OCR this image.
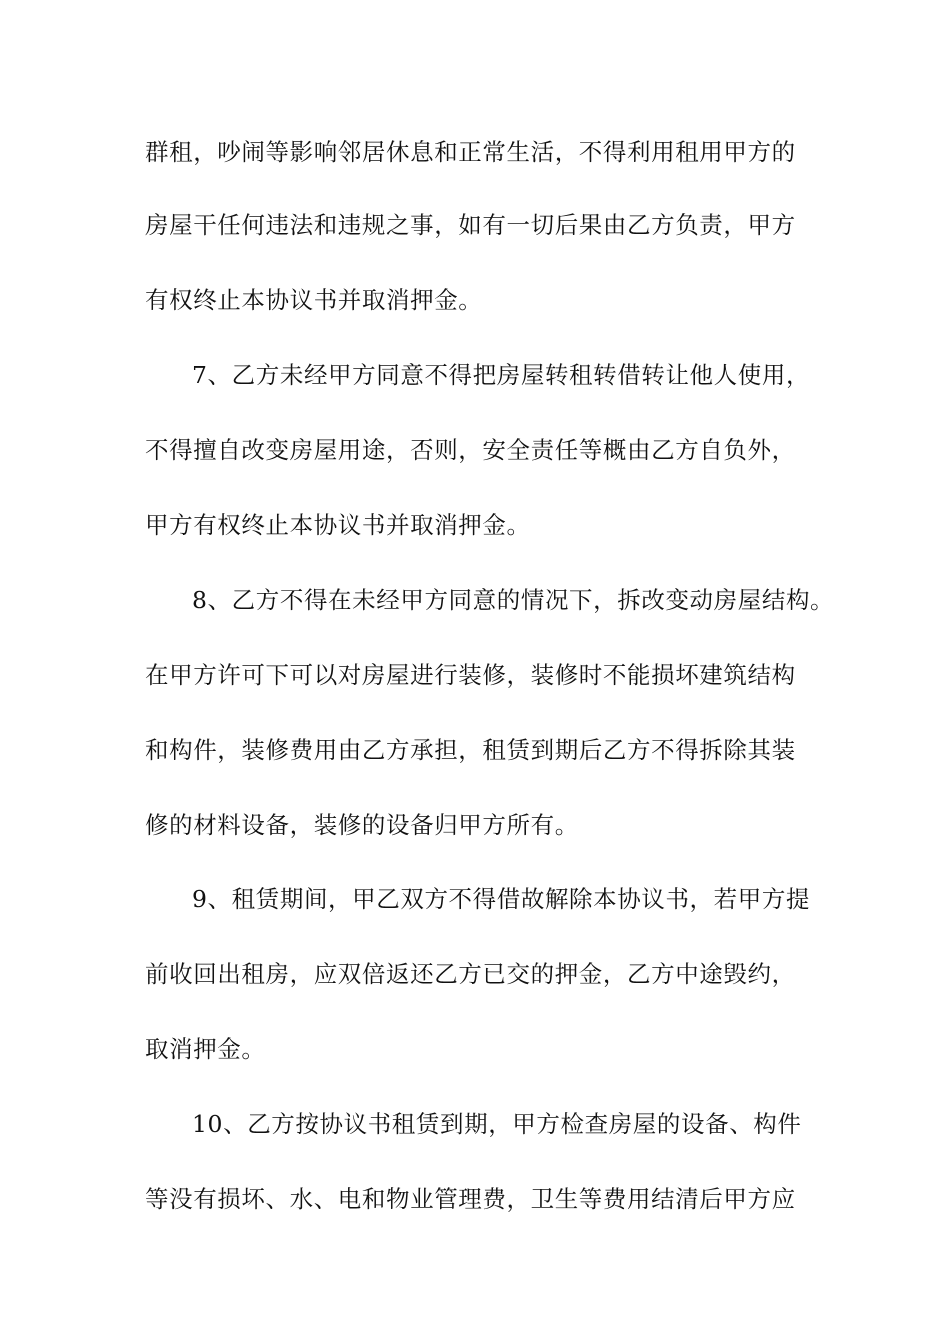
群租，吵闹等影响邻居休息和正常生活，不得利用租用甲方的
房屋干任何违法和违规之事，如有一切后果由乙方负责，甲方
有权终止本协议书并取消押金。
7、乙方未经甲方同意不得把房屋转租转借转让他人使用，
不得擅自改变房屋用途，否则，安全责任等概由乙方自负外，
甲方有权终止本协议书并取消押金。
8、乙方不得在未经甲方同意的情况下，拆改变动房屋结构。
在甲方许可下可以对房屋进行装修，装修时不能损坏建筑结构
和构件，装修费用由乙方承担，租赁到期后乙方不得拆除其装
修的材料设备，装修的设备归甲方所有。
9、租赁期间，甲乙双方不得借故解除本协议书，若甲方提
前收回出租房，应双倍返还乙方已交的押金，乙方中途毁约，
取消押金。
10、乙方按协议书租赁到期，甲方检查房屋的设备、构件
等没有损坏、水、电和物业管理费，卫生等费用结清后甲方应
